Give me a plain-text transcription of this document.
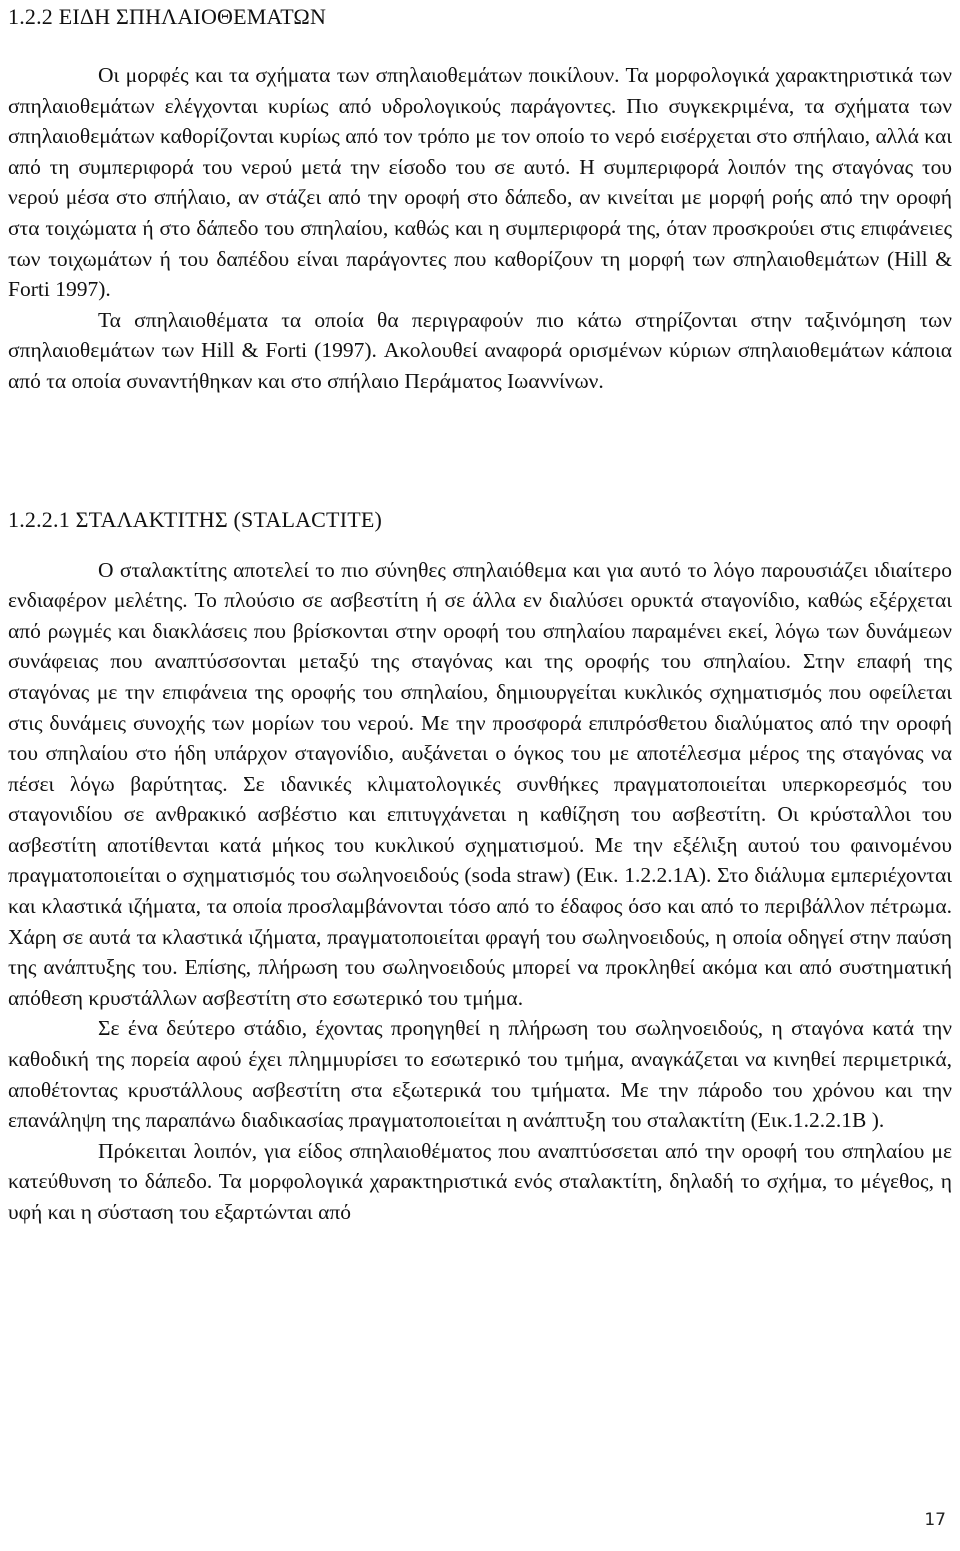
1.2.2 ΕΙΔΗ ΣΠΗΛΑΙΟΘΕΜΑΤΩΝ

Οι μορφές και τα σχήματα των σπηλαιοθεμάτων ποικίλουν. Τα μορφολογικά χαρακτηριστικά των σπηλαιοθεμάτων ελέγχονται κυρίως από υδρολογικούς παράγοντες. Πιο συγκεκριμένα, τα σχήματα των σπηλαιοθεμάτων καθορίζονται κυρίως από τον τρόπο με τον οποίο το νερό εισέρχεται στο σπήλαιο, αλλά και από τη συμπεριφορά του νερού μετά την είσοδο του σε αυτό. Η συμπεριφορά λοιπόν της σταγόνας του νερού μέσα στο σπήλαιο, αν στάζει από την οροφή στο δάπεδο, αν κινείται με μορφή ροής από την οροφή στα τοιχώματα ή στο δάπεδο του σπηλαίου, καθώς και η συμπεριφορά της, όταν προσκρούει στις επιφάνειες των τοιχωμάτων ή του δαπέδου είναι παράγοντες που καθορίζουν τη μορφή των σπηλαιοθεμάτων (Hill & Forti 1997).

Τα σπηλαιοθέματα τα οποία θα περιγραφούν πιο κάτω στηρίζονται στην ταξινόμηση των σπηλαιοθεμάτων των Hill & Forti (1997). Ακολουθεί αναφορά ορισμένων κύριων σπηλαιοθεμάτων κάποια από τα οποία συναντήθηκαν και στο σπήλαιο Περάματος Ιωαννίνων.

1.2.2.1 ΣΤΑΛΑΚΤΙΤΗΣ (STALACTITE)

Ο σταλακτίτης αποτελεί το πιο σύνηθες σπηλαιόθεμα και για αυτό το λόγο παρουσιάζει ιδιαίτερο ενδιαφέρον μελέτης. Το πλούσιο σε ασβεστίτη ή σε άλλα εν διαλύσει ορυκτά σταγονίδιο, καθώς εξέρχεται από ρωγμές και διακλάσεις που βρίσκονται στην οροφή του σπηλαίου παραμένει εκεί, λόγω των δυνάμεων συνάφειας που αναπτύσσονται μεταξύ της σταγόνας και της οροφής του σπηλαίου. Στην επαφή της σταγόνας με την επιφάνεια της οροφής του σπηλαίου, δημιουργείται κυκλικός σχηματισμός που οφείλεται στις δυνάμεις συνοχής των μορίων του νερού. Με την προσφορά επιπρόσθετου διαλύματος από την οροφή του σπηλαίου στο ήδη υπάρχον σταγονίδιο, αυξάνεται ο όγκος του με αποτέλεσμα μέρος της σταγόνας να πέσει λόγω βαρύτητας. Σε ιδανικές κλιματολογικές συνθήκες πραγματοποιείται υπερκορεσμός του σταγονιδίου σε ανθρακικό ασβέστιο και επιτυγχάνεται η καθίζηση του ασβεστίτη. Οι κρύσταλλοι του ασβεστίτη αποτίθενται κατά μήκος του κυκλικού σχηματισμού. Με την εξέλιξη αυτού του φαινομένου πραγματοποιείται ο σχηματισμός του σωληνοειδούς (soda straw) (Εικ. 1.2.2.1Α). Στο διάλυμα εμπεριέχονται και κλαστικά ιζήματα, τα οποία προσλαμβάνονται τόσο από το έδαφος όσο και από το περιβάλλον πέτρωμα. Χάρη σε αυτά τα κλαστικά ιζήματα, πραγματοποιείται φραγή του σωληνοειδούς, η οποία οδηγεί στην παύση της ανάπτυξης του. Επίσης, πλήρωση του σωληνοειδούς μπορεί να προκληθεί ακόμα και από συστηματική απόθεση κρυστάλλων ασβεστίτη στο εσωτερικό του τμήμα.

Σε ένα δεύτερο στάδιο, έχοντας προηγηθεί η πλήρωση του σωληνοειδούς, η σταγόνα κατά την καθοδική της πορεία αφού έχει πλημμυρίσει το εσωτερικό του τμήμα, αναγκάζεται να κινηθεί περιμετρικά, αποθέτοντας κρυστάλλους ασβεστίτη στα εξωτερικά του τμήματα. Με την πάροδο του χρόνου και την επανάληψη της παραπάνω διαδικασίας πραγματοποιείται η ανάπτυξη του σταλακτίτη (Εικ.1.2.2.1Β ).

Πρόκειται λοιπόν, για είδος σπηλαιοθέματος που αναπτύσσεται από την οροφή του σπηλαίου με κατεύθυνση το δάπεδο. Τα μορφολογικά χαρακτηριστικά ενός σταλακτίτη, δηλαδή το σχήμα, το μέγεθος, η υφή και η σύσταση του εξαρτώνται από

17
